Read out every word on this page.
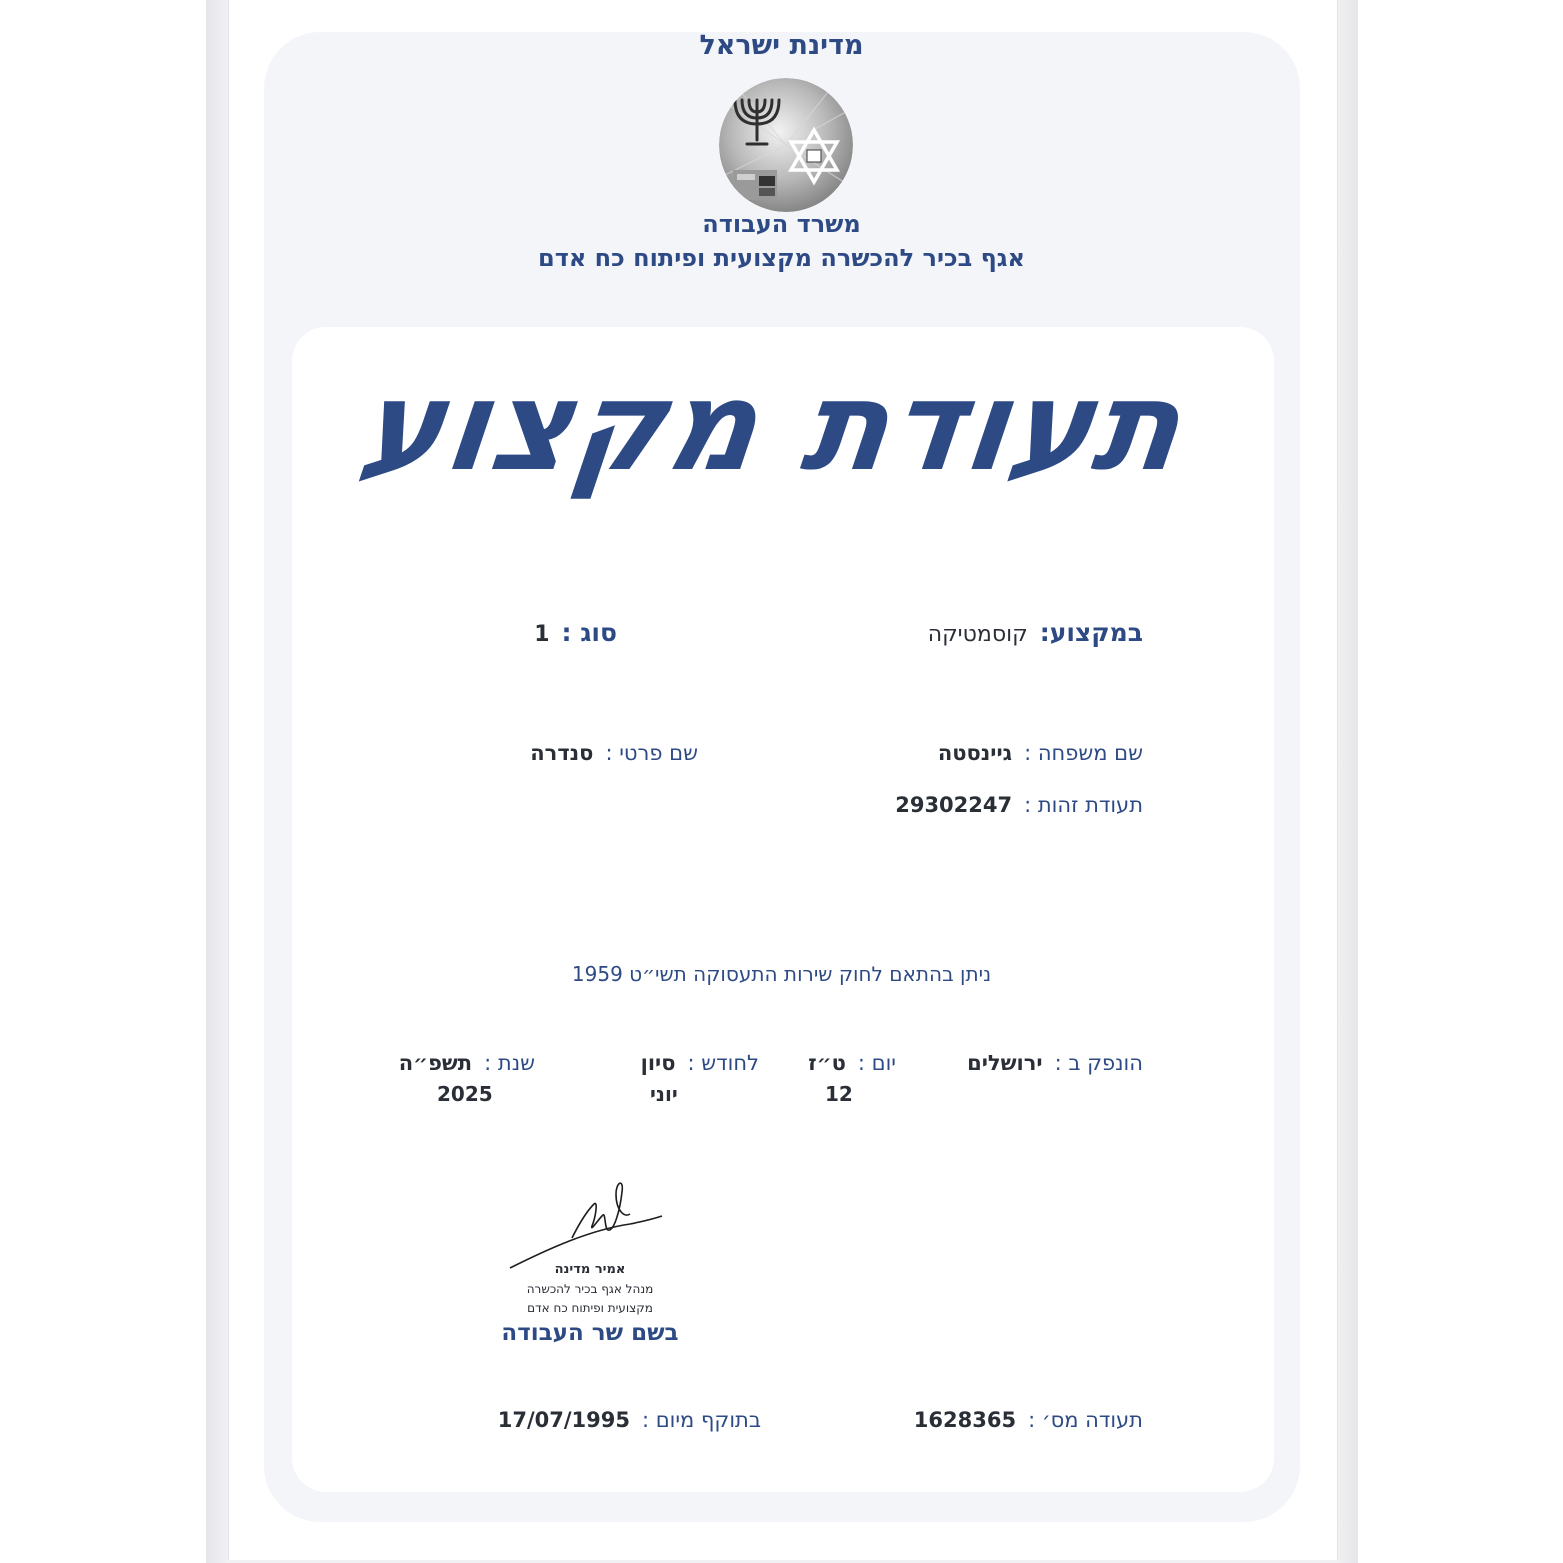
מדינת ישראל
משרד העבודה
אגף בכיר להכשרה מקצועית ופיתוח כח אדם
תעודת מקצוע
במקצוע:קוסמטיקה
סוג :1
שם משפחה :גיינסטה
שם פרטי :סנדרה
תעודת זהות :29302247
ניתן בהתאם לחוק שירות התעסוקה תשי״ט 1959
הונפק ב :ירושלים
יום :ט״ז
12
לחודש :סיון
יוני
שנת :תשפ״ה
2025
אמיר מדינה
מנהל אגף בכיר להכשרה
מקצועית ופיתוח כח אדם
בשם שר העבודה
תעודה מס׳ :1628365
בתוקף מיום :17/07/1995
